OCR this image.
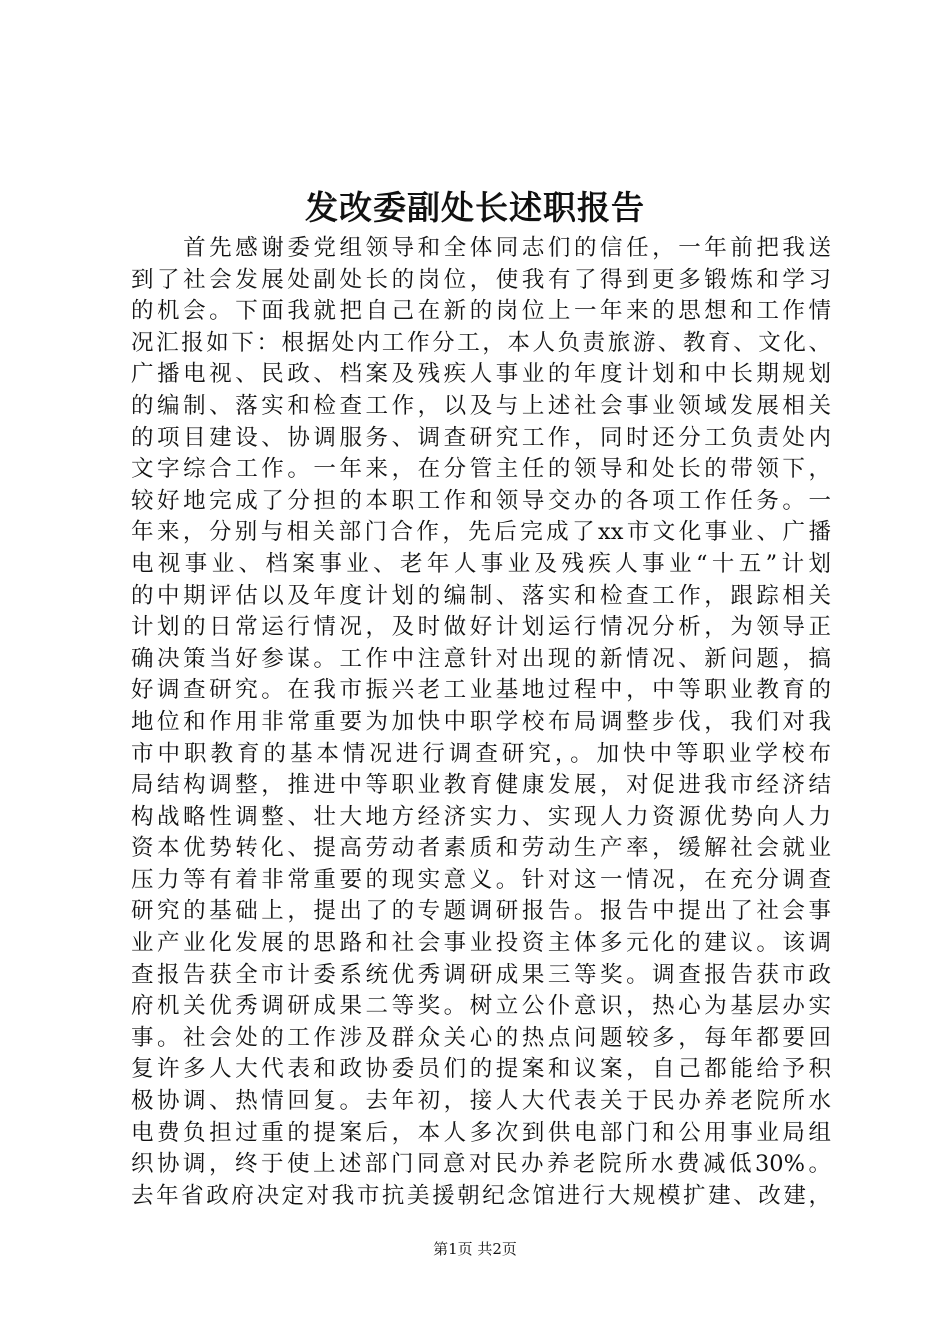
发改委副处长述职报告
　　首先感谢委党组领导和全体同志们的信任，一年前把我送
到了社会发展处副处长的岗位，使我有了得到更多锻炼和学习
的机会。下面我就把自己在新的岗位上一年来的思想和工作情
况汇报如下：根据处内工作分工，本人负责旅游、教育、文化、
广播电视、民政、档案及残疾人事业的年度计划和中长期规划
的编制、落实和检查工作，以及与上述社会事业领域发展相关
的项目建设、协调服务、调查研究工作，同时还分工负责处内
文字综合工作。一年来，在分管主任的领导和处长的带领下，
较好地完成了分担的本职工作和领导交办的各项工作任务。一
年来，分别与相关部门合作，先后完成了xx市文化事业、广播
电视事业、档案事业、老年人事业及残疾人事业“十五”计划
的中期评估以及年度计划的编制、落实和检查工作，跟踪相关
计划的日常运行情况，及时做好计划运行情况分析，为领导正
确决策当好参谋。工作中注意针对出现的新情况、新问题，搞
好调查研究。在我市振兴老工业基地过程中，中等职业教育的
地位和作用非常重要为加快中职学校布局调整步伐，我们对我
市中职教育的基本情况进行调查研究，。加快中等职业学校布
局结构调整，推进中等职业教育健康发展，对促进我市经济结
构战略性调整、壮大地方经济实力、实现人力资源优势向人力
资本优势转化、提高劳动者素质和劳动生产率，缓解社会就业
压力等有着非常重要的现实意义。针对这一情况，在充分调查
研究的基础上，提出了的专题调研报告。报告中提出了社会事
业产业化发展的思路和社会事业投资主体多元化的建议。该调
查报告获全市计委系统优秀调研成果三等奖。调查报告获市政
府机关优秀调研成果二等奖。树立公仆意识，热心为基层办实
事。社会处的工作涉及群众关心的热点问题较多，每年都要回
复许多人大代表和政协委员们的提案和议案，自己都能给予积
极协调、热情回复。去年初，接人大代表关于民办养老院所水
电费负担过重的提案后，本人多次到供电部门和公用事业局组
织协调，终于使上述部门同意对民办养老院所水费减低30%。
去年省政府决定对我市抗美援朝纪念馆进行大规模扩建、改建，
第1页 共2页
